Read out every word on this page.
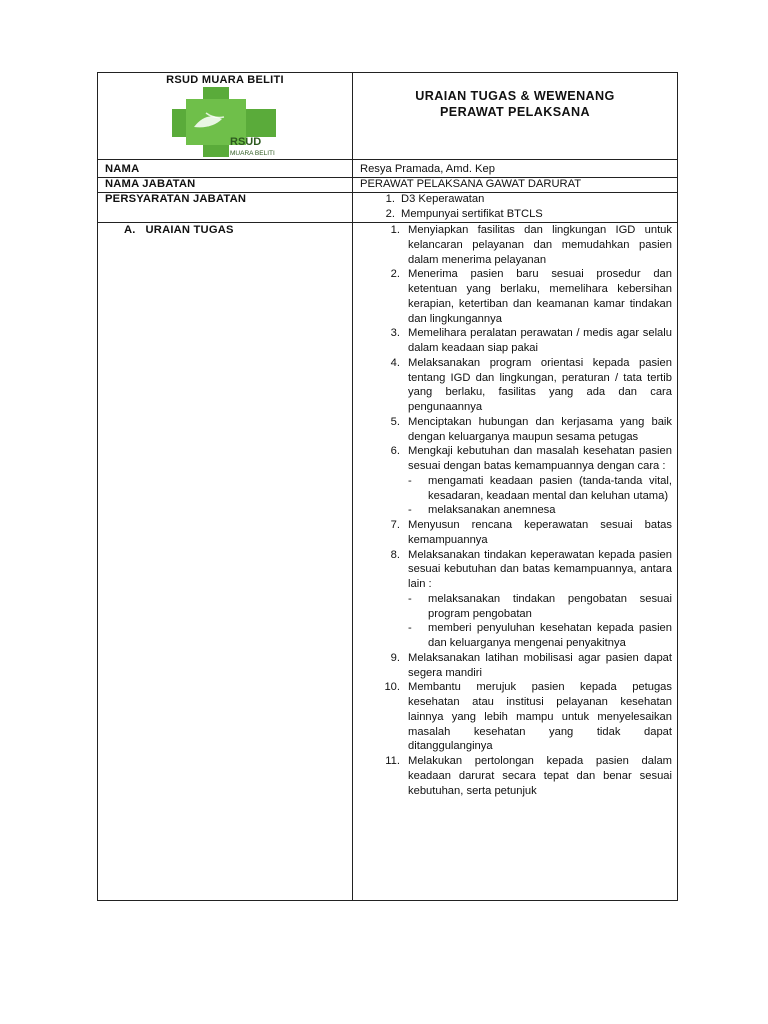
RSUD MUARA BELITI
RSUD
MUARA BELITI
URAIAN TUGAS & WEWENANG
PERAWAT PELAKSANA
NAMA	Resya Pramada, Amd. Kep
NAMA JABATAN	PERAWAT PELAKSANA GAWAT DARURAT
PERSYARATAN JABATAN	1. D3 Keperawatan
2. Mempunyai sertifikat BTCLS
A.   URAIAN TUGAS	1. Menyiapkan fasilitas dan lingkungan IGD untuk kelancaran pelayanan dan memudahkan pasien dalam menerima pelayanan
2. Menerima pasien baru sesuai prosedur dan ketentuan yang berlaku, memelihara kebersihan kerapian, ketertiban dan keamanan kamar tindakan dan lingkungannya
3. Memelihara peralatan perawatan / medis agar selalu dalam keadaan siap pakai
4. Melaksanakan program orientasi kepada pasien tentang IGD dan lingkungan, peraturan / tata tertib yang berlaku, fasilitas yang ada dan cara pengunaannya
5. Menciptakan hubungan dan kerjasama yang baik dengan keluarganya maupun sesama petugas
6. Mengkaji kebutuhan dan masalah kesehatan pasien sesuai dengan batas kemampuannya dengan cara :
- mengamati keadaan pasien (tanda-tanda vital, kesadaran, keadaan mental dan keluhan utama)
- melaksanakan anemnesa
7. Menyusun rencana keperawatan sesuai batas kemampuannya
8. Melaksanakan tindakan keperawatan kepada pasien sesuai kebutuhan dan batas kemampuannya, antara lain :
- melaksanakan tindakan pengobatan sesuai program pengobatan
- memberi penyuluhan kesehatan kepada pasien dan keluarganya mengenai penyakitnya
9. Melaksanakan latihan mobilisasi agar pasien dapat segera mandiri
10. Membantu merujuk pasien kepada petugas kesehatan atau institusi pelayanan kesehatan lainnya yang lebih mampu untuk menyelesaikan masalah kesehatan yang tidak dapat ditanggulanginya
11. Melakukan pertolongan kepada pasien dalam keadaan darurat secara tepat dan benar sesuai kebutuhan, serta petunjuk
